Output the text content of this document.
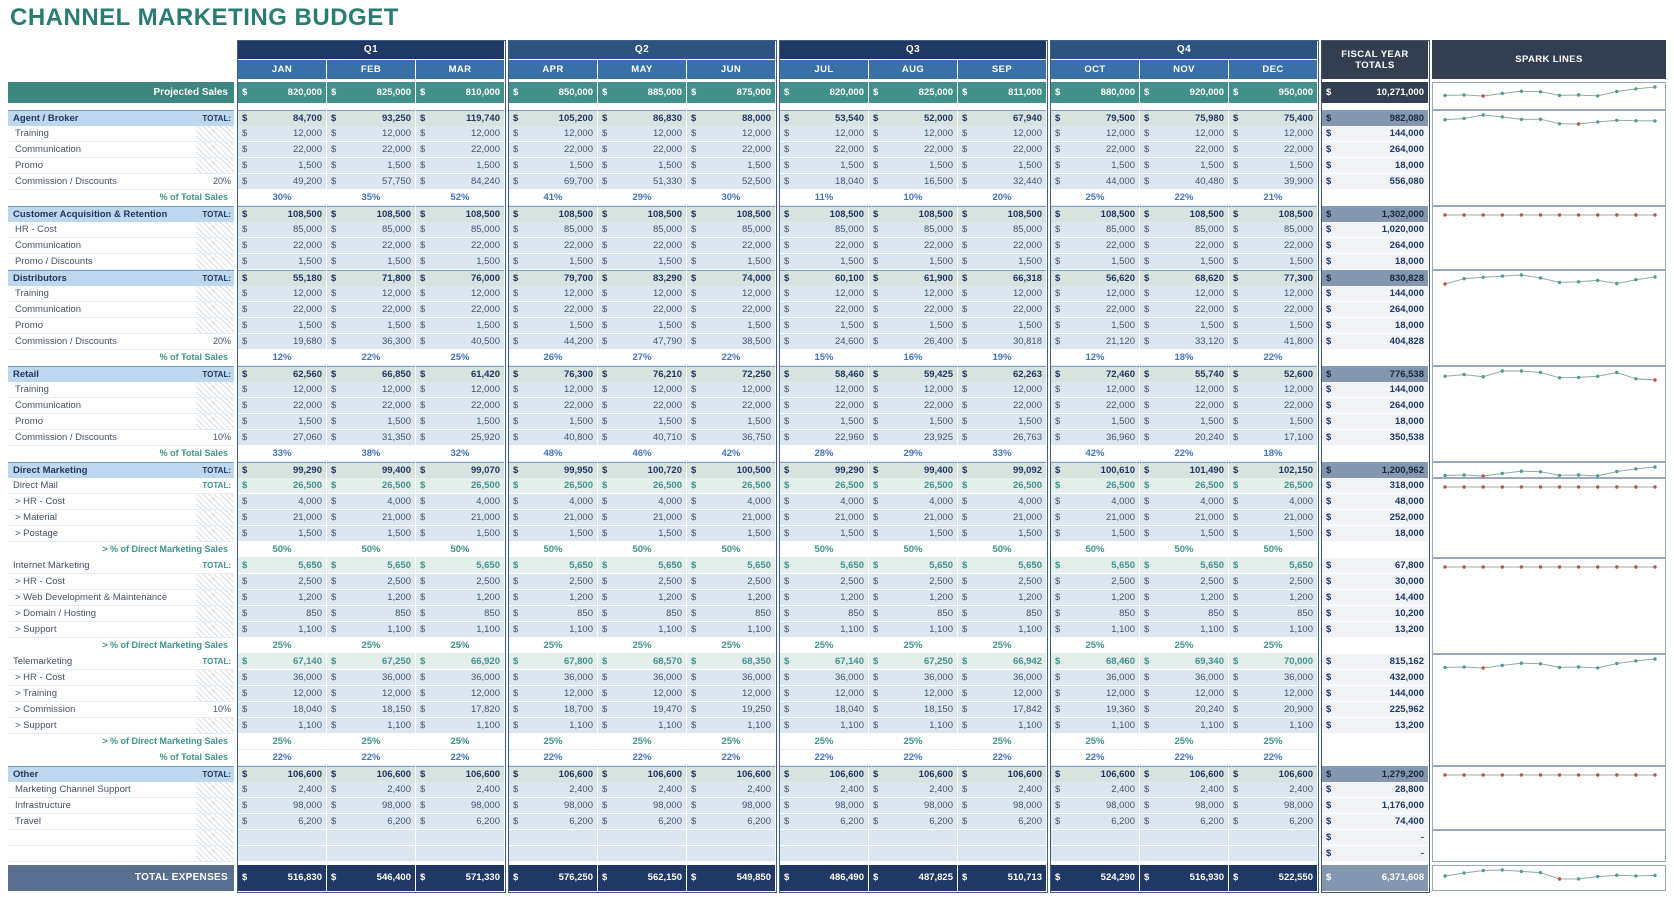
CHANNEL MARKETING BUDGET
FISCAL YEAR TOTALS	SPARK LINES
Q1
JAN	FEB	MAR
Q2
APR	MAY	JUN
Q3
JUL	AUG	SEP
Q4
OCT	NOV	DEC
Projected Sales	$	820,000 $	825,000 $	810,000 $	850,000 $	885,000 $	875,000 $	820,000 $	825,000 $	811,000 $	880,000 $	920,000 $	950,000 $	10,271,000
Agent / Broker	TOTAL:	$	84,700 $	93,250 $	119,740 $	105,200 $	86,830 $	88,000 $	53,540 $	52,000 $	67,940 $	79,500 $	75,980 $	75,400 $	982,080
Training	$	12,000 $	12,000 $	12,000 $	12,000 $	12,000 $	12,000 $	12,000 $	12,000 $	12,000 $	12,000 $	12,000 $	12,000 $	144,000
Communication	$	22,000 $	22,000 $	22,000 $	22,000 $	22,000 $	22,000 $	22,000 $	22,000 $	22,000 $	22,000 $	22,000 $	22,000 $	264,000
Promo	$	1,500 $	1,500 $	1,500 $	1,500 $	1,500 $	1,500 $	1,500 $	1,500 $	1,500 $	1,500 $	1,500 $	1,500 $	18,000
Commission / Discounts	20%	$	49,200 $	57,750 $	84,240 $	69,700 $	51,330 $	52,500 $	18,040 $	16,500 $	32,440 $	44,000 $	40,480 $	39,900 $	556,080
% of Total Sales	30%	35%	52%	41%	29%	30%	11%	10%	20%	25%	22%	21%
Customer Acquisition & Retention	TOTAL:	$	108,500 $	108,500 $	108,500 $	108,500 $	108,500 $	108,500 $	108,500 $	108,500 $	108,500 $	108,500 $	108,500 $	108,500 $	1,302,000
HR - Cost	$	85,000 $	85,000 $	85,000 $	85,000 $	85,000 $	85,000 $	85,000 $	85,000 $	85,000 $	85,000 $	85,000 $	85,000 $	1,020,000
Communication	$	22,000 $	22,000 $	22,000 $	22,000 $	22,000 $	22,000 $	22,000 $	22,000 $	22,000 $	22,000 $	22,000 $	22,000 $	264,000
Promo / Discounts	$	1,500 $	1,500 $	1,500 $	1,500 $	1,500 $	1,500 $	1,500 $	1,500 $	1,500 $	1,500 $	1,500 $	1,500 $	18,000
Distributors	TOTAL:	$	55,180 $	71,800 $	76,000 $	79,700 $	83,290 $	74,000 $	60,100 $	61,900 $	66,318 $	56,620 $	68,620 $	77,300 $	830,828
Training	$	12,000 $	12,000 $	12,000 $	12,000 $	12,000 $	12,000 $	12,000 $	12,000 $	12,000 $	12,000 $	12,000 $	12,000 $	144,000
Communication	$	22,000 $	22,000 $	22,000 $	22,000 $	22,000 $	22,000 $	22,000 $	22,000 $	22,000 $	22,000 $	22,000 $	22,000 $	264,000
Promo	$	1,500 $	1,500 $	1,500 $	1,500 $	1,500 $	1,500 $	1,500 $	1,500 $	1,500 $	1,500 $	1,500 $	1,500 $	18,000
Commission / Discounts	20%	$	19,680 $	36,300 $	40,500 $	44,200 $	47,790 $	38,500 $	24,600 $	26,400 $	30,818 $	21,120 $	33,120 $	41,800 $	404,828
% of Total Sales	12%	22%	25%	26%	27%	22%	15%	16%	19%	12%	18%	22%
Retail	TOTAL:	$	62,560 $	66,850 $	61,420 $	76,300 $	76,210 $	72,250 $	58,460 $	59,425 $	62,263 $	72,460 $	55,740 $	52,600 $	776,538
Training	$	12,000 $	12,000 $	12,000 $	12,000 $	12,000 $	12,000 $	12,000 $	12,000 $	12,000 $	12,000 $	12,000 $	12,000 $	144,000
Communication	$	22,000 $	22,000 $	22,000 $	22,000 $	22,000 $	22,000 $	22,000 $	22,000 $	22,000 $	22,000 $	22,000 $	22,000 $	264,000
Promo	$	1,500 $	1,500 $	1,500 $	1,500 $	1,500 $	1,500 $	1,500 $	1,500 $	1,500 $	1,500 $	1,500 $	1,500 $	18,000
Commission / Discounts	10%	$	27,060 $	31,350 $	25,920 $	40,800 $	40,710 $	36,750 $	22,960 $	23,925 $	26,763 $	36,960 $	20,240 $	17,100 $	350,538
% of Total Sales	33%	38%	32%	48%	46%	42%	28%	29%	33%	42%	22%	18%
Direct Marketing	TOTAL:	$	99,290 $	99,400 $	99,070 $	99,950 $	100,720 $	100,500 $	99,290 $	99,400 $	99,092 $	100,610 $	101,490 $	102,150 $	1,200,962
Direct Mail	TOTAL:	$	26,500 $	26,500 $	26,500 $	26,500 $	26,500 $	26,500 $	26,500 $	26,500 $	26,500 $	26,500 $	26,500 $	26,500 $	318,000
> HR - Cost	$	4,000 $	4,000 $	4,000 $	4,000 $	4,000 $	4,000 $	4,000 $	4,000 $	4,000 $	4,000 $	4,000 $	4,000 $	48,000
> Material	$	21,000 $	21,000 $	21,000 $	21,000 $	21,000 $	21,000 $	21,000 $	21,000 $	21,000 $	21,000 $	21,000 $	21,000 $	252,000
> Postage	$	1,500 $	1,500 $	1,500 $	1,500 $	1,500 $	1,500 $	1,500 $	1,500 $	1,500 $	1,500 $	1,500 $	1,500 $	18,000
> % of Direct Marketing Sales	50%	50%	50%	50%	50%	50%	50%	50%	50%	50%	50%	50%
Internet Marketing	TOTAL:	$	5,650 $	5,650 $	5,650 $	5,650 $	5,650 $	5,650 $	5,650 $	5,650 $	5,650 $	5,650 $	5,650 $	5,650 $	67,800
> HR - Cost	$	2,500 $	2,500 $	2,500 $	2,500 $	2,500 $	2,500 $	2,500 $	2,500 $	2,500 $	2,500 $	2,500 $	2,500 $	30,000
> Web Development & Maintenance	$	1,200 $	1,200 $	1,200 $	1,200 $	1,200 $	1,200 $	1,200 $	1,200 $	1,200 $	1,200 $	1,200 $	1,200 $	14,400
> Domain / Hosting	$	850 $	850 $	850 $	850 $	850 $	850 $	850 $	850 $	850 $	850 $	850 $	850 $	10,200
> Support	$	1,100 $	1,100 $	1,100 $	1,100 $	1,100 $	1,100 $	1,100 $	1,100 $	1,100 $	1,100 $	1,100 $	1,100 $	13,200
> % of Direct Marketing Sales	25%	25%	25%	25%	25%	25%	25%	25%	25%	25%	25%	25%
Telemarketing	TOTAL:	$	67,140 $	67,250 $	66,920 $	67,800 $	68,570 $	68,350 $	67,140 $	67,250 $	66,942 $	68,460 $	69,340 $	70,000 $	815,162
> HR - Cost	$	36,000 $	36,000 $	36,000 $	36,000 $	36,000 $	36,000 $	36,000 $	36,000 $	36,000 $	36,000 $	36,000 $	36,000 $	432,000
> Training	$	12,000 $	12,000 $	12,000 $	12,000 $	12,000 $	12,000 $	12,000 $	12,000 $	12,000 $	12,000 $	12,000 $	12,000 $	144,000
> Commission	10%	$	18,040 $	18,150 $	17,820 $	18,700 $	19,470 $	19,250 $	18,040 $	18,150 $	17,842 $	19,360 $	20,240 $	20,900 $	225,962
> Support	$	1,100 $	1,100 $	1,100 $	1,100 $	1,100 $	1,100 $	1,100 $	1,100 $	1,100 $	1,100 $	1,100 $	1,100 $	13,200
> % of Direct Marketing Sales	25%	25%	25%	25%	25%	25%	25%	25%	25%	25%	25%	25%
% of Total Sales	22%	22%	22%	22%	22%	22%	22%	22%	22%	22%	22%	22%
Other	TOTAL:	$	106,600 $	106,600 $	106,600 $	106,600 $	106,600 $	106,600 $	106,600 $	106,600 $	106,600 $	106,600 $	106,600 $	106,600 $	1,279,200
Marketing Channel Support	$	2,400 $	2,400 $	2,400 $	2,400 $	2,400 $	2,400 $	2,400 $	2,400 $	2,400 $	2,400 $	2,400 $	2,400 $	28,800
Infrastructure	$	98,000 $	98,000 $	98,000 $	98,000 $	98,000 $	98,000 $	98,000 $	98,000 $	98,000 $	98,000 $	98,000 $	98,000 $	1,176,000
Travel	$	6,200 $	6,200 $	6,200 $	6,200 $	6,200 $	6,200 $	6,200 $	6,200 $	6,200 $	6,200 $	6,200 $	6,200 $	74,400
$	-
$	-
TOTAL EXPENSES	$	516,830 $	546,400 $	571,330 $	576,250 $	562,150 $	549,850 $	486,490 $	487,825 $	510,713 $	524,290 $	516,930 $	522,550 $	6,371,608
